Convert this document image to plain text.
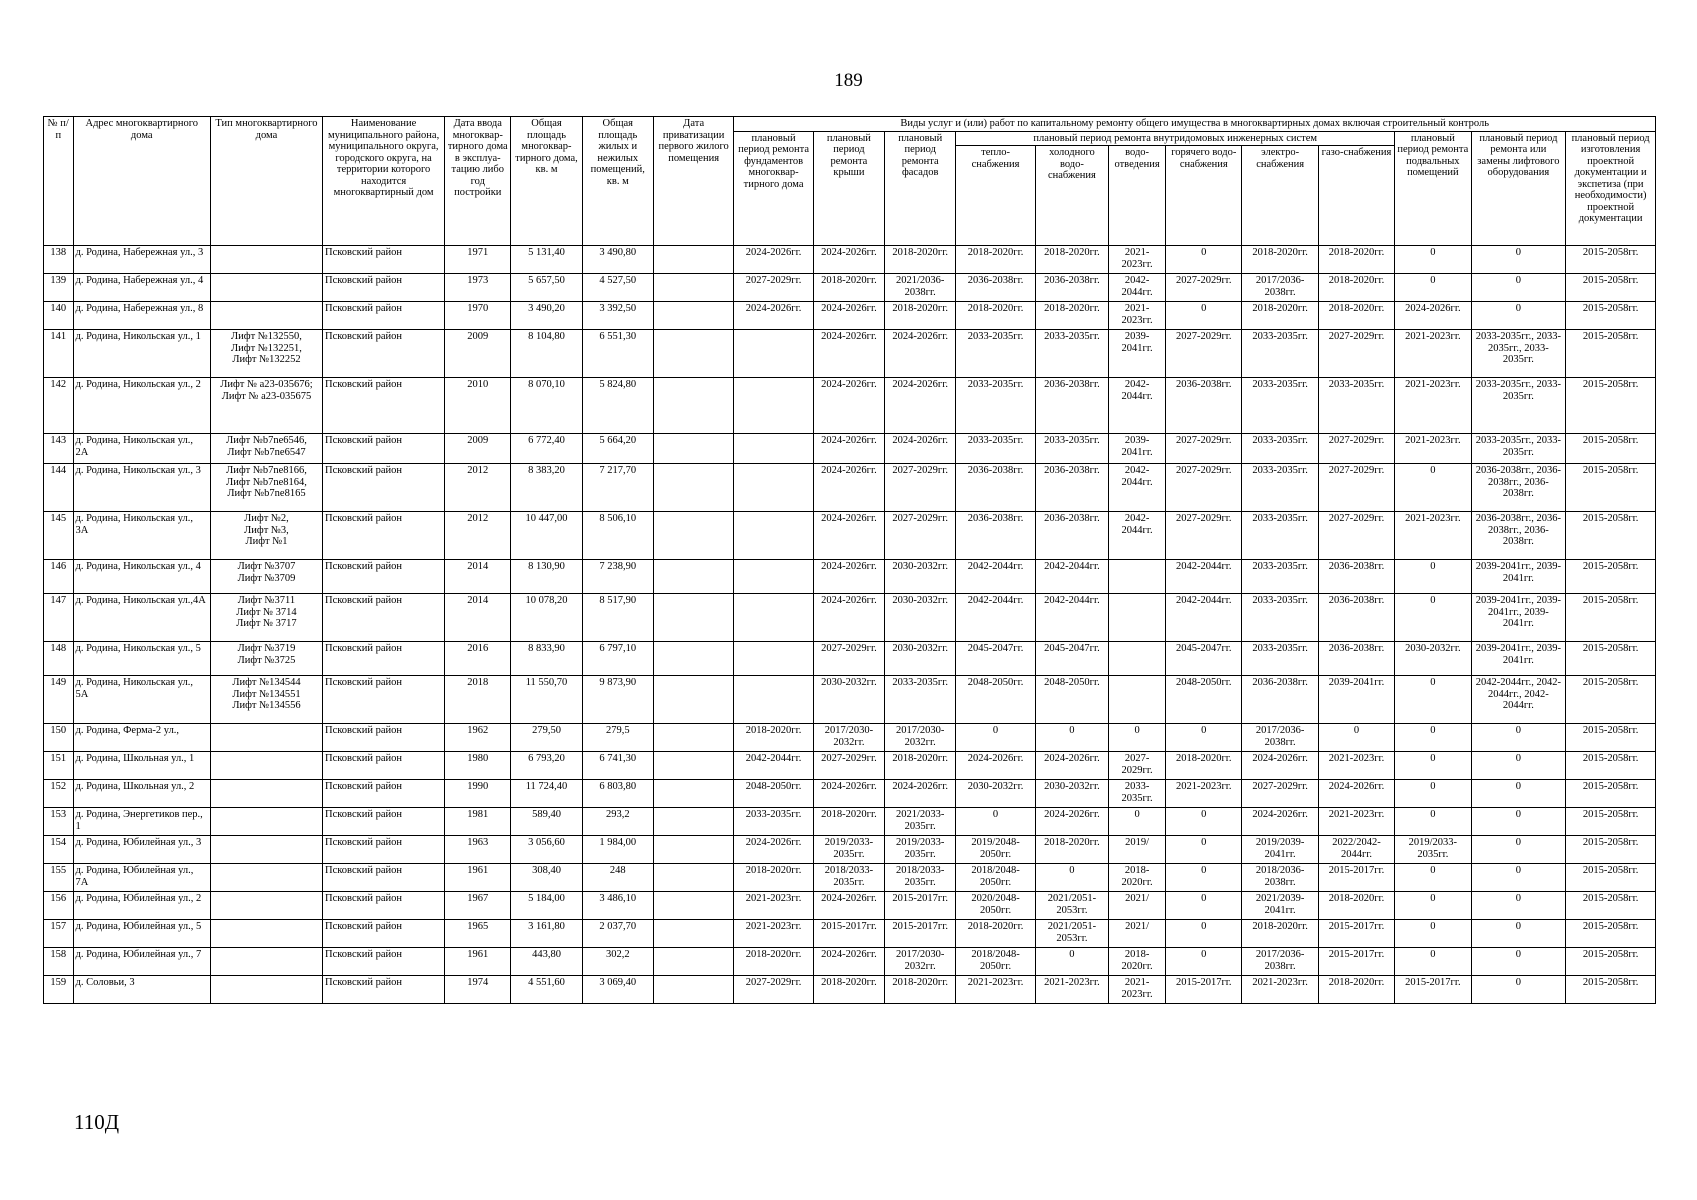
189
№ п/п	Адрес многоквартирного дома	Тип многоквартирного дома	Наименование муниципального района, муниципального округа, городского округа, на территории которого находится многоквартирный дом	Дата ввода многоквар-тирного дома в эксплуа-тацию либо год постройки	Общая площадь многоквар-тирного дома, кв. м	Общая площадь жилых и нежилых помещений, кв. м	Дата приватизации первого жилого помещения	Виды услуг и (или) работ по капитальному ремонту общего имущества в многоквартирных домах включая строительный контроль											
								плановый период ремонта фундаментов многоквар-тирного дома	плановый период ремонта крыши	плановый период ремонта фасадов	плановый период ремонта внутридомовых инженерных систем						плановый период ремонта подвальных помещений	плановый период ремонта или замены лифтового оборудования	плановый период изготовления проектной документации и экспетиза (при необходимости) проектной документации
											тепло-снабжения	холодного водо-снабжения	водо-отведения	горячего водо-снабжения	электро-снабжения	газо-снабжения			
138	д. Родина, Набережная ул., 3		Псковский район	1971	5 131,40	3 490,80		2024-2026гг.	2024-2026гг.	2018-2020гг.	2018-2020гг.	2018-2020гг.	2021-2023гг.	0	2018-2020гг.	2018-2020гг.	0	0	2015-2058гг.
139	д. Родина, Набережная ул., 4		Псковский район	1973	5 657,50	4 527,50		2027-2029гг.	2018-2020гг.	2021/2036-2038гг.	2036-2038гг.	2036-2038гг.	2042-2044гг.	2027-2029гг.	2017/2036-2038гг.	2018-2020гг.	0	0	2015-2058гг.
140	д. Родина, Набережная ул., 8		Псковский район	1970	3 490,20	3 392,50		2024-2026гг.	2024-2026гг.	2018-2020гг.	2018-2020гг.	2018-2020гг.	2021-2023гг.	0	2018-2020гг.	2018-2020гг.	2024-2026гг.	0	2015-2058гг.
141	д. Родина, Никольская ул., 1	Лифт №132550,
Лифт №132251,
Лифт №132252	Псковский район	2009	8 104,80	6 551,30			2024-2026гг.	2024-2026гг.	2033-2035гг.	2033-2035гг.	2039-2041гг.	2027-2029гг.	2033-2035гг.	2027-2029гг.	2021-2023гг.	2033-2035гг., 2033-2035гг., 2033-2035гг.	2015-2058гг.
142	д. Родина, Никольская ул., 2	Лифт № а23-035676;
Лифт № а23-035675	Псковский район	2010	8 070,10	5 824,80			2024-2026гг.	2024-2026гг.	2033-2035гг.	2036-2038гг.	2042-2044гг.	2036-2038гг.	2033-2035гг.	2033-2035гг.	2021-2023гг.	2033-2035гг., 2033-2035гг.	2015-2058гг.
143	д. Родина, Никольская ул., 2А	Лифт №b7ne6546,
Лифт №b7ne6547	Псковский район	2009	6 772,40	5 664,20			2024-2026гг.	2024-2026гг.	2033-2035гг.	2033-2035гг.	2039-2041гг.	2027-2029гг.	2033-2035гг.	2027-2029гг.	2021-2023гг.	2033-2035гг., 2033-2035гг.	2015-2058гг.
144	д. Родина, Никольская ул., 3	Лифт №b7ne8166,
Лифт №b7ne8164,
Лифт №b7ne8165	Псковский район	2012	8 383,20	7 217,70			2024-2026гг.	2027-2029гг.	2036-2038гг.	2036-2038гг.	2042-2044гг.	2027-2029гг.	2033-2035гг.	2027-2029гг.	0	2036-2038гг., 2036-2038гг., 2036-2038гг.	2015-2058гг.
145	д. Родина, Никольская ул., 3А	Лифт №2,
Лифт №3,
Лифт №1	Псковский район	2012	10 447,00	8 506,10			2024-2026гг.	2027-2029гг.	2036-2038гг.	2036-2038гг.	2042-2044гг.	2027-2029гг.	2033-2035гг.	2027-2029гг.	2021-2023гг.	2036-2038гг., 2036-2038гг., 2036-2038гг.	2015-2058гг.
146	д. Родина, Никольская ул., 4	Лифт №3707
Лифт №3709	Псковский район	2014	8 130,90	7 238,90			2024-2026гг.	2030-2032гг.	2042-2044гг.	2042-2044гг.		2042-2044гг.	2033-2035гг.	2036-2038гг.	0	2039-2041гг., 2039-2041гг.	2015-2058гг.
147	д. Родина, Никольская ул.,4А	Лифт №3711
Лифт № 3714
Лифт № 3717	Псковский район	2014	10 078,20	8 517,90			2024-2026гг.	2030-2032гг.	2042-2044гг.	2042-2044гг.		2042-2044гг.	2033-2035гг.	2036-2038гг.	0	2039-2041гг., 2039-2041гг., 2039-2041гг.	2015-2058гг.
148	д. Родина, Никольская ул., 5	Лифт №3719
Лифт №3725	Псковский район	2016	8 833,90	6 797,10			2027-2029гг.	2030-2032гг.	2045-2047гг.	2045-2047гг.		2045-2047гг.	2033-2035гг.	2036-2038гг.	2030-2032гг.	2039-2041гг., 2039-2041гг.	2015-2058гг.
149	д. Родина, Никольская ул., 5А	Лифт №134544
Лифт №134551
Лифт №134556	Псковский район	2018	11 550,70	9 873,90			2030-2032гг.	2033-2035гг.	2048-2050гг.	2048-2050гг.		2048-2050гг.	2036-2038гг.	2039-2041гг.	0	2042-2044гг., 2042-2044гг., 2042-2044гг.	2015-2058гг.
150	д. Родина, Ферма-2 ул.,		Псковский район	1962	279,50	279,5		2018-2020гг.	2017/2030-2032гг.	2017/2030-2032гг.	0	0	0	0	2017/2036-2038гг.	0	0	0	2015-2058гг.
151	д. Родина, Школьная ул., 1		Псковский район	1980	6 793,20	6 741,30		2042-2044гг.	2027-2029гг.	2018-2020гг.	2024-2026гг.	2024-2026гг.	2027-2029гг.	2018-2020гг.	2024-2026гг.	2021-2023гг.	0	0	2015-2058гг.
152	д. Родина, Школьная ул., 2		Псковский район	1990	11 724,40	6 803,80		2048-2050гг.	2024-2026гг.	2024-2026гг.	2030-2032гг.	2030-2032гг.	2033-2035гг.	2021-2023гг.	2027-2029гг.	2024-2026гг.	0	0	2015-2058гг.
153	д. Родина, Энергетиков пер., 1		Псковский район	1981	589,40	293,2		2033-2035гг.	2018-2020гг.	2021/2033-2035гг.	0	2024-2026гг.	0	0	2024-2026гг.	2021-2023гг.	0	0	2015-2058гг.
154	д. Родина, Юбилейная ул., 3		Псковский район	1963	3 056,60	1 984,00		2024-2026гг.	2019/2033-2035гг.	2019/2033-2035гг.	2019/2048-2050гг.	2018-2020гг.	2019/	0	2019/2039-2041гг.	2022/2042-2044гг.	2019/2033-2035гг.	0	2015-2058гг.
155	д. Родина, Юбилейная ул., 7А		Псковский район	1961	308,40	248		2018-2020гг.	2018/2033-2035гг.	2018/2033-2035гг.	2018/2048-2050гг.	0	2018-2020гг.	0	2018/2036-2038гг.	2015-2017гг.	0	0	2015-2058гг.
156	д. Родина, Юбилейная ул., 2		Псковский район	1967	5 184,00	3 486,10		2021-2023гг.	2024-2026гг.	2015-2017гг.	2020/2048-2050гг.	2021/2051-2053гг.	2021/	0	2021/2039-2041гг.	2018-2020гг.	0	0	2015-2058гг.
157	д. Родина, Юбилейная ул., 5		Псковский район	1965	3 161,80	2 037,70		2021-2023гг.	2015-2017гг.	2015-2017гг.	2018-2020гг.	2021/2051-2053гг.	2021/	0	2018-2020гг.	2015-2017гг.	0	0	2015-2058гг.
158	д. Родина, Юбилейная ул., 7		Псковский район	1961	443,80	302,2		2018-2020гг.	2024-2026гг.	2017/2030-2032гг.	2018/2048-2050гг.	0	2018-2020гг.	0	2017/2036-2038гг.	2015-2017гг.	0	0	2015-2058гг.
159	д. Соловьи, 3		Псковский район	1974	4 551,60	3 069,40		2027-2029гг.	2018-2020гг.	2018-2020гг.	2021-2023гг.	2021-2023гг.	2021-2023гг.	2015-2017гг.	2021-2023гг.	2018-2020гг.	2015-2017гг.	0	2015-2058гг.
110Д
